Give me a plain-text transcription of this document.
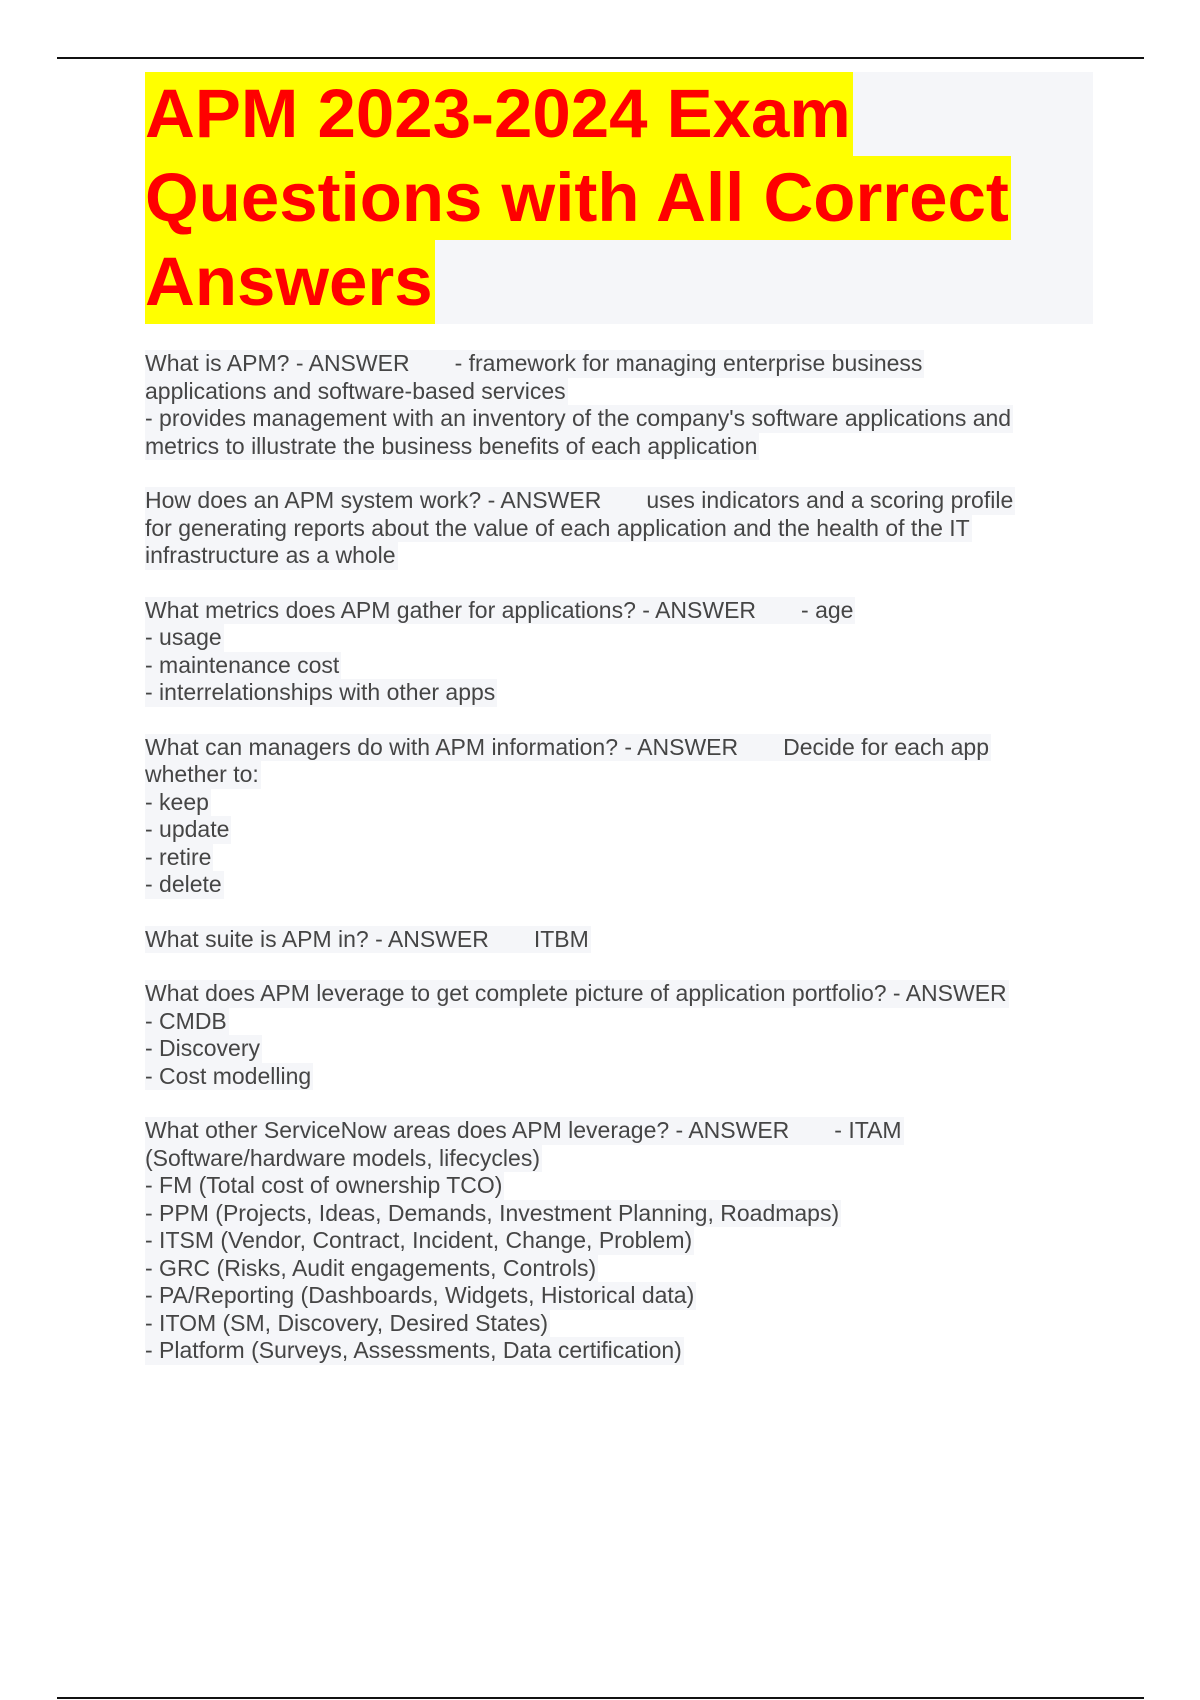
APM 2023-2024 Exam
Questions with All Correct
Answers
What is APM? - ANSWER - framework for managing enterprise business
applications and software-based services
- provides management with an inventory of the company's software applications and
metrics to illustrate the business benefits of each application
How does an APM system work? - ANSWER uses indicators and a scoring profile
for generating reports about the value of each application and the health of the IT
infrastructure as a whole
What metrics does APM gather for applications? - ANSWER - age
- usage
- maintenance cost
- interrelationships with other apps
What can managers do with APM information? - ANSWER Decide for each app
whether to:
- keep
- update
- retire
- delete
What suite is APM in? - ANSWER ITBM
What does APM leverage to get complete picture of application portfolio? - ANSWER
- CMDB
- Discovery
- Cost modelling
What other ServiceNow areas does APM leverage? - ANSWER - ITAM
(Software/hardware models, lifecycles)
- FM (Total cost of ownership TCO)
- PPM (Projects, Ideas, Demands, Investment Planning, Roadmaps)
- ITSM (Vendor, Contract, Incident, Change, Problem)
- GRC (Risks, Audit engagements, Controls)
- PA/Reporting (Dashboards, Widgets, Historical data)
- ITOM (SM, Discovery, Desired States)
- Platform (Surveys, Assessments, Data certification)
